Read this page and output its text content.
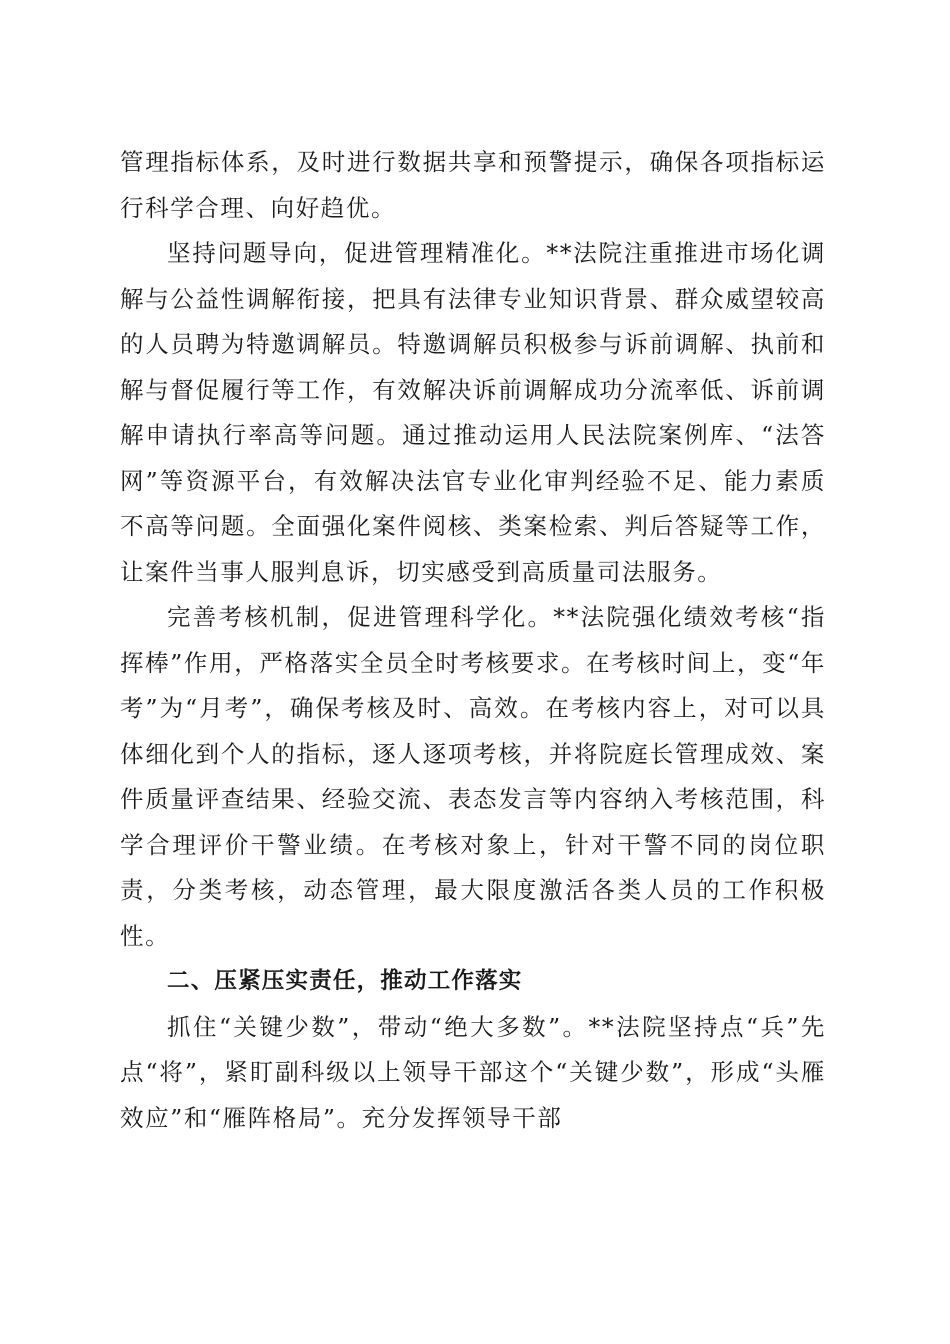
管理指标体系，及时进行数据共享和预警提示，确保各项指标运行科学合理、向好趋优。

坚持问题导向，促进管理精准化。**法院注重推进市场化调解与公益性调解衔接，把具有法律专业知识背景、群众威望较高的人员聘为特邀调解员。特邀调解员积极参与诉前调解、执前和解与督促履行等工作，有效解决诉前调解成功分流率低、诉前调解申请执行率高等问题。通过推动运用人民法院案例库、“法答网”等资源平台，有效解决法官专业化审判经验不足、能力素质不高等问题。全面强化案件阅核、类案检索、判后答疑等工作，让案件当事人服判息诉，切实感受到高质量司法服务。

完善考核机制，促进管理科学化。**法院强化绩效考核“指挥棒”作用，严格落实全员全时考核要求。在考核时间上，变“年考”为“月考”，确保考核及时、高效。在考核内容上，对可以具体细化到个人的指标，逐人逐项考核，并将院庭长管理成效、案件质量评查结果、经验交流、表态发言等内容纳入考核范围，科学合理评价干警业绩。在考核对象上，针对干警不同的岗位职责，分类考核，动态管理，最大限度激活各类人员的工作积极性。

二、压紧压实责任，推动工作落实

抓住“关键少数”，带动“绝大多数”。**法院坚持点“兵”先点“将”，紧盯副科级以上领导干部这个“关键少数”，形成“头雁效应”和“雁阵格局”。充分发挥领导干部
